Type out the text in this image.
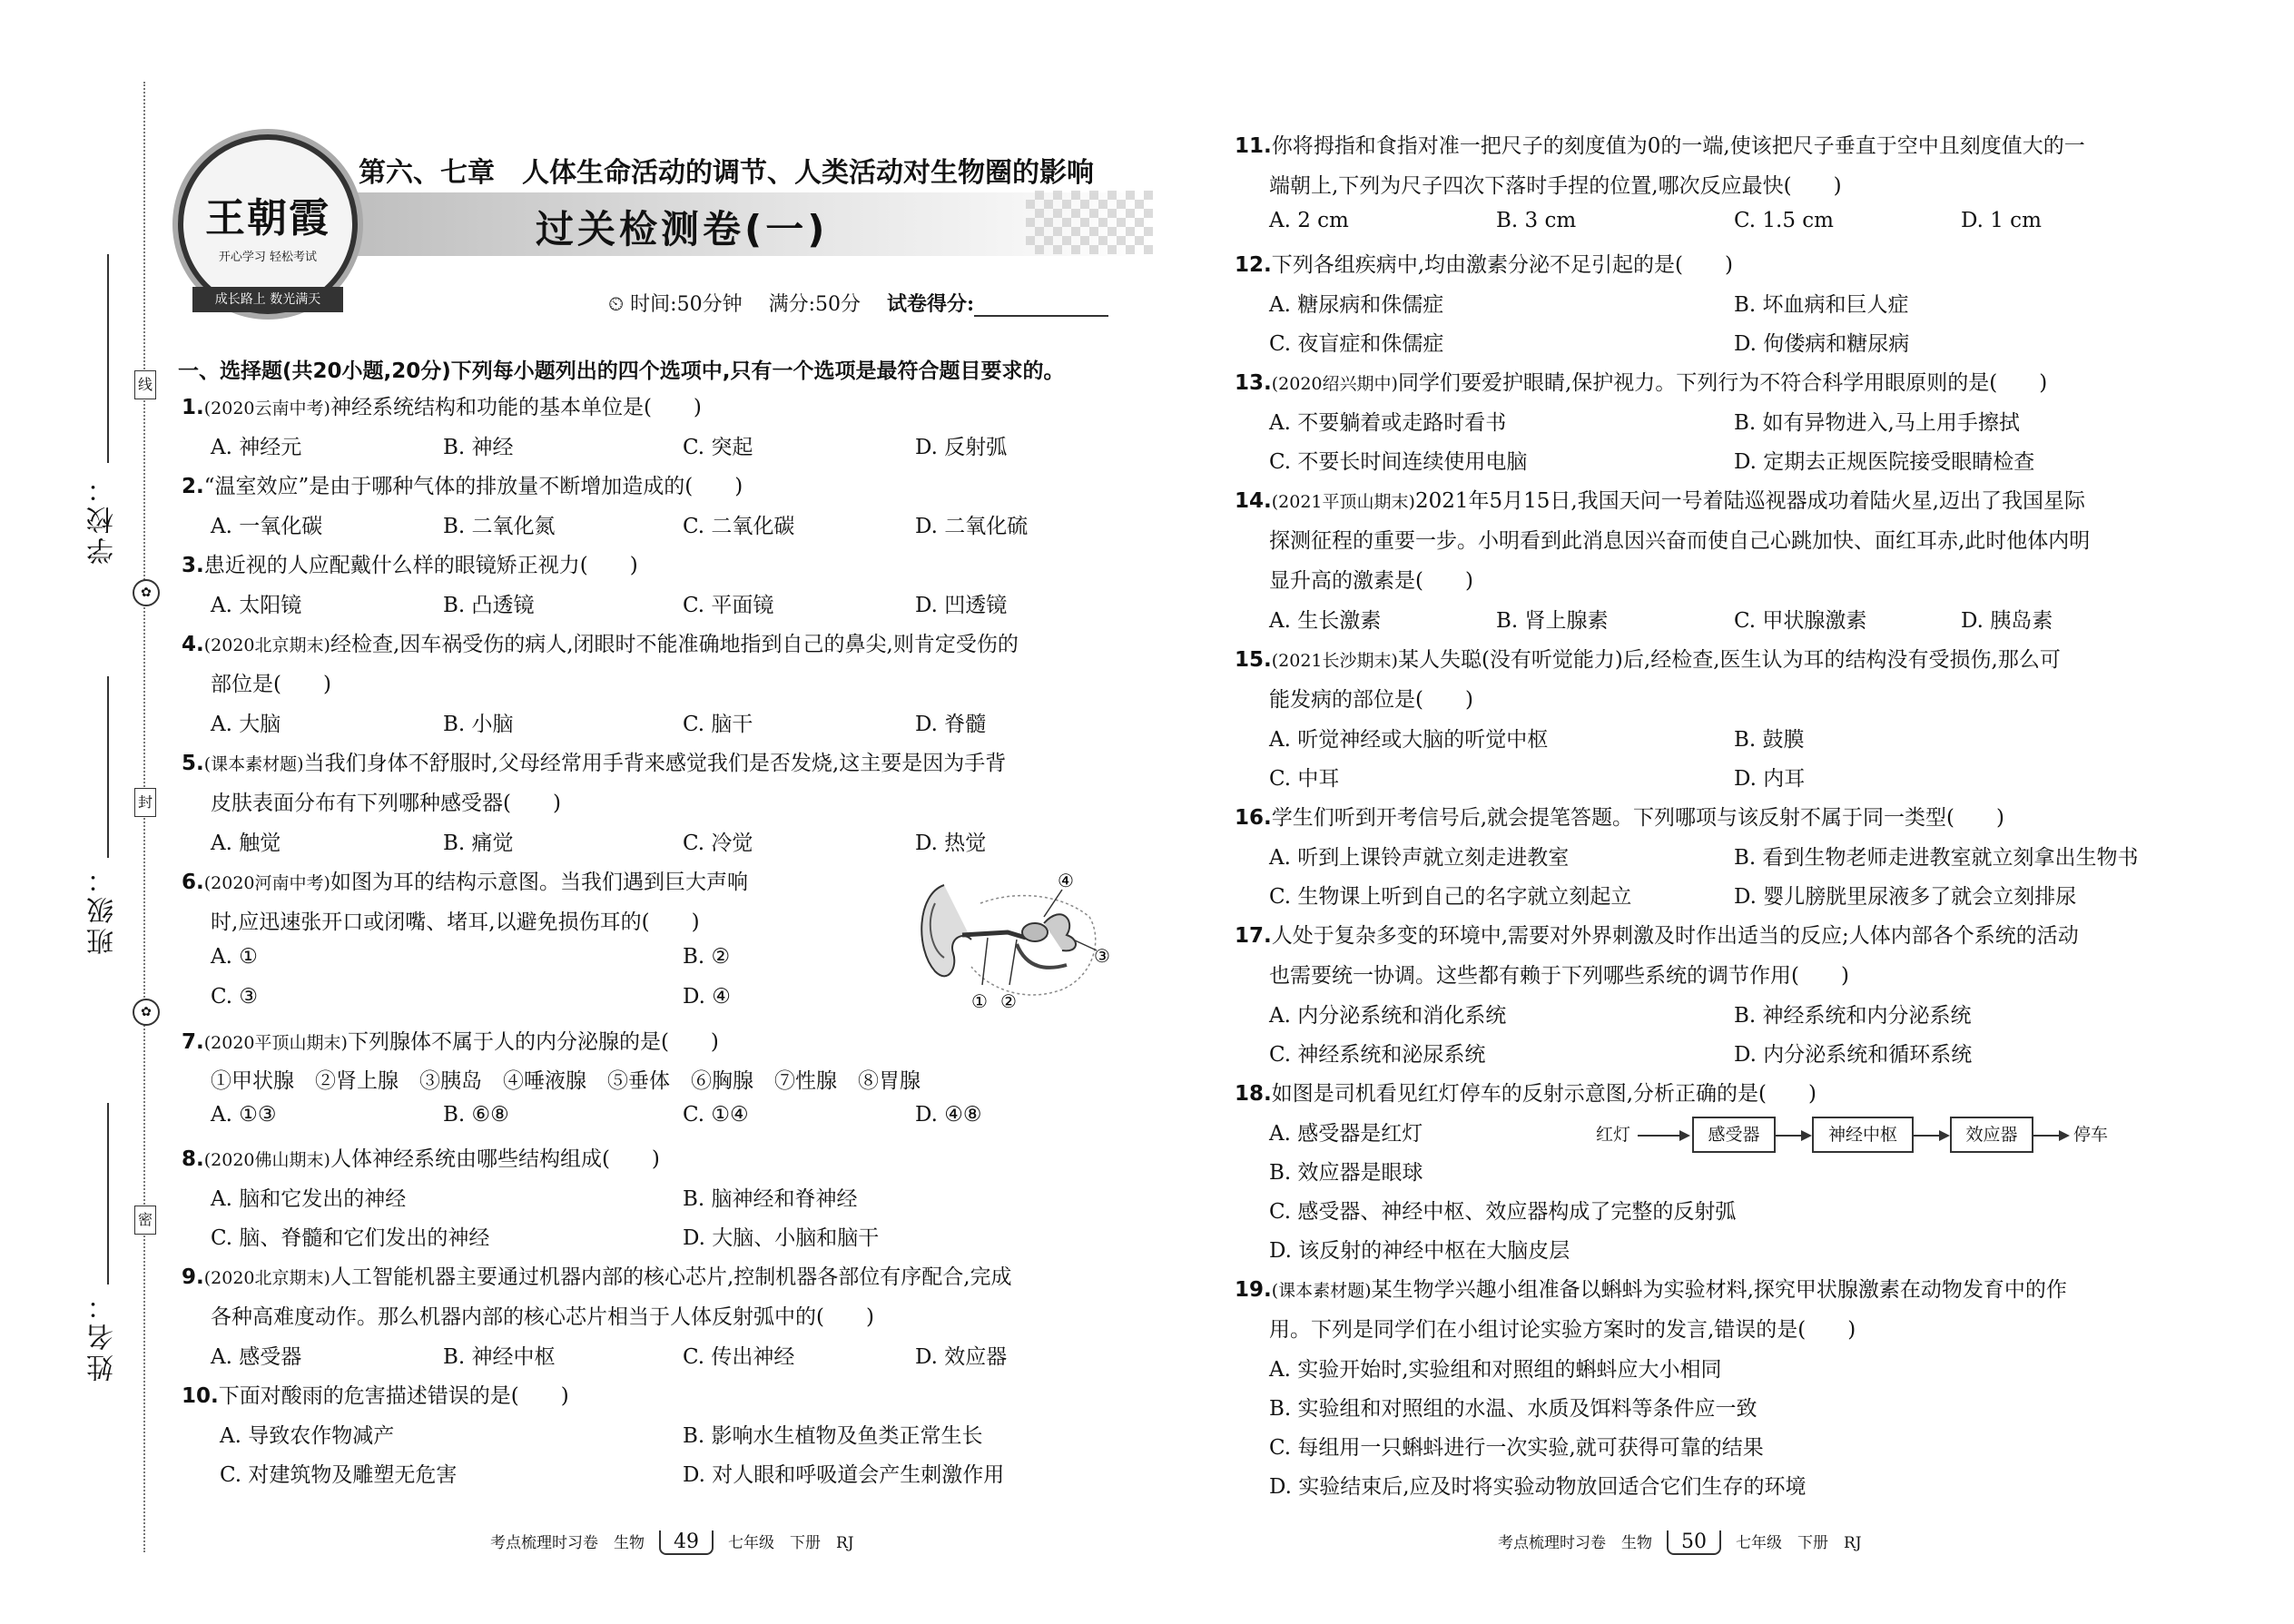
学校：
班级：
姓名：
线
封
密
✿
✿
王朝霞
开心学习 轻松考试
成长路上 数光满天
第六、七章　人体生命活动的调节、人类活动对生物圈的影响
过关检测卷(一)
⏲ 时间:50分钟　 满分:50分　 试卷得分:
一、选择题(共20小题,20分)下列每小题列出的四个选项中,只有一个选项是最符合题目要求的。
1.(2020云南中考)神经系统结构和功能的基本单位是(　　)
A. 神经元	B. 神经	C. 突起	D. 反射弧
2.“温室效应”是由于哪种气体的排放量不断增加造成的(　　)
A. 一氧化碳	B. 二氧化氮	C. 二氧化碳	D. 二氧化硫
3.患近视的人应配戴什么样的眼镜矫正视力(　　)
A. 太阳镜	B. 凸透镜	C. 平面镜	D. 凹透镜
4.(2020北京期末)经检查,因车祸受伤的病人,闭眼时不能准确地指到自己的鼻尖,则肯定受伤的
部位是(　　)
A. 大脑	B. 小脑	C. 脑干	D. 脊髓
5.(课本素材题)当我们身体不舒服时,父母经常用手背来感觉我们是否发烧,这主要是因为手背
皮肤表面分布有下列哪种感受器(　　)
A. 触觉	B. 痛觉	C. 冷觉	D. 热觉
6.(2020河南中考)如图为耳的结构示意图。当我们遇到巨大声响
时,应迅速张开口或闭嘴、堵耳,以避免损伤耳的(　　)
A. ①	B. ②
C. ③	D. ④
④
③
① ②
7.(2020平顶山期末)下列腺体不属于人的内分泌腺的是(　　)
①甲状腺　②肾上腺　③胰岛　④唾液腺　⑤垂体　⑥胸腺　⑦性腺　⑧胃腺
A. ①③	B. ⑥⑧	C. ①④	D. ④⑧
8.(2020佛山期末)人体神经系统由哪些结构组成(　　)
A. 脑和它发出的神经	B. 脑神经和脊神经
C. 脑、脊髓和它们发出的神经	D. 大脑、小脑和脑干
9.(2020北京期末)人工智能机器主要通过机器内部的核心芯片,控制机器各部位有序配合,完成
各种高难度动作。那么机器内部的核心芯片相当于人体反射弧中的(　　)
A. 感受器	B. 神经中枢	C. 传出神经	D. 效应器
10.下面对酸雨的危害描述错误的是(　　)
A. 导致农作物减产	B. 影响水生植物及鱼类正常生长
C. 对建筑物及雕塑无危害	D. 对人眼和呼吸道会产生刺激作用
考点梳理时习卷　生物 49 七年级　下册　RJ
11.你将拇指和食指对准一把尺子的刻度值为0的一端,使该把尺子垂直于空中且刻度值大的一
端朝上,下列为尺子四次下落时手捏的位置,哪次反应最快(　　)
A. 2 cm	B. 3 cm	C. 1.5 cm	D. 1 cm
12.下列各组疾病中,均由激素分泌不足引起的是(　　)
A. 糖尿病和侏儒症	B. 坏血病和巨人症
C. 夜盲症和侏儒症	D. 佝偻病和糖尿病
13.(2020绍兴期中)同学们要爱护眼睛,保护视力。下列行为不符合科学用眼原则的是(　　)
A. 不要躺着或走路时看书	B. 如有异物进入,马上用手擦拭
C. 不要长时间连续使用电脑	D. 定期去正规医院接受眼睛检查
14.(2021平顶山期末)2021年5月15日,我国天问一号着陆巡视器成功着陆火星,迈出了我国星际
探测征程的重要一步。小明看到此消息因兴奋而使自己心跳加快、面红耳赤,此时他体内明
显升高的激素是(　　)
A. 生长激素	B. 肾上腺素	C. 甲状腺激素	D. 胰岛素
15.(2021长沙期末)某人失聪(没有听觉能力)后,经检查,医生认为耳的结构没有受损伤,那么可
能发病的部位是(　　)
A. 听觉神经或大脑的听觉中枢	B. 鼓膜
C. 中耳	D. 内耳
16.学生们听到开考信号后,就会提笔答题。下列哪项与该反射不属于同一类型(　　)
A. 听到上课铃声就立刻走进教室	B. 看到生物老师走进教室就立刻拿出生物书
C. 生物课上听到自己的名字就立刻起立	D. 婴儿膀胱里尿液多了就会立刻排尿
17.人处于复杂多变的环境中,需要对外界刺激及时作出适当的反应;人体内部各个系统的活动
也需要统一协调。这些都有赖于下列哪些系统的调节作用(　　)
A. 内分泌系统和消化系统	B. 神经系统和内分泌系统
C. 神经系统和泌尿系统	D. 内分泌系统和循环系统
18.如图是司机看见红灯停车的反射示意图,分析正确的是(　　)
A. 感受器是红灯
B. 效应器是眼球
C. 感受器、神经中枢、效应器构成了完整的反射弧
D. 该反射的神经中枢在大脑皮层
红灯	感受器	神经中枢	效应器	停车
19.(课本素材题)某生物学兴趣小组准备以蝌蚪为实验材料,探究甲状腺激素在动物发育中的作
用。下列是同学们在小组讨论实验方案时的发言,错误的是(　　)
A. 实验开始时,实验组和对照组的蝌蚪应大小相同
B. 实验组和对照组的水温、水质及饵料等条件应一致
C. 每组用一只蝌蚪进行一次实验,就可获得可靠的结果
D. 实验结束后,应及时将实验动物放回适合它们生存的环境
考点梳理时习卷　生物 50 七年级　下册　RJ
